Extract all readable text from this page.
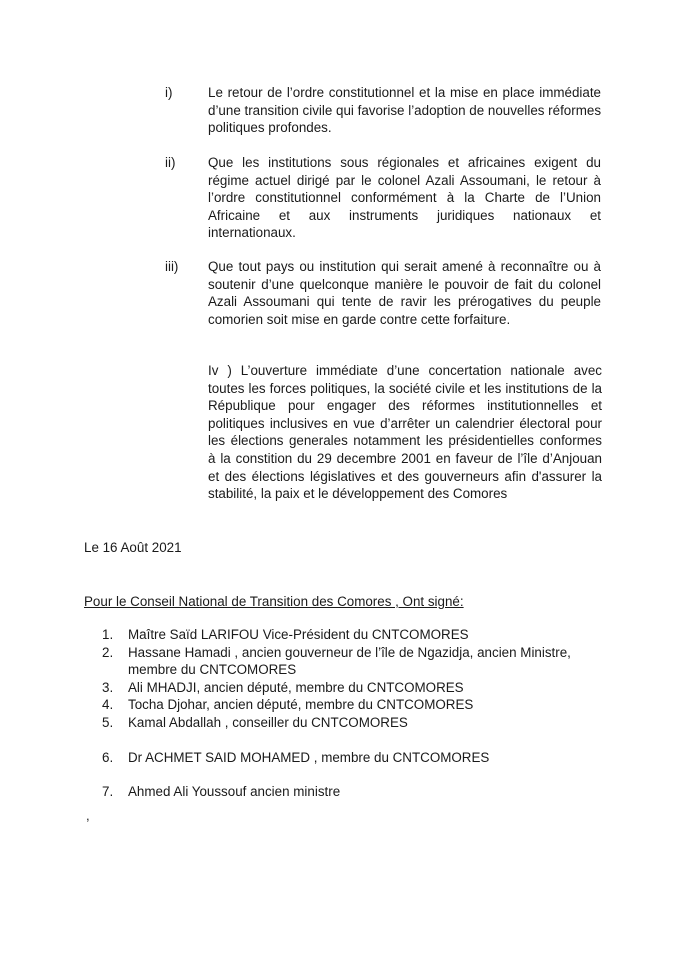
i)	Le retour de l’ordre constitutionnel et la mise en place immédiate d’une transition civile qui favorise l’adoption de nouvelles réformes politiques profondes.
ii) Que les institutions sous régionales et africaines exigent du régime actuel dirigé par le colonel Azali Assoumani, le retour à l’ordre constitutionnel conformément à la Charte de l’Union Africaine et aux instruments juridiques nationaux et internationaux.
iii) Que tout pays ou institution qui serait amené à reconnaître ou à soutenir d’une quelconque manière le pouvoir de fait du colonel Azali Assoumani qui tente de ravir les prérogatives du peuple comorien soit mise en garde contre cette forfaiture.
Iv ) L’ouverture immédiate d’une concertation nationale avec toutes les forces politiques, la société civile et les institutions de la République pour engager des réformes institutionnelles et politiques inclusives en vue d’arrêter un calendrier électoral pour les élections generales notamment les présidentielles conformes à la constition du 29 decembre 2001 en faveur de l’île d’Anjouan et des élections législatives et des gouverneurs afin d'assurer la stabilité, la paix et le développement des Comores
Le 16 Août 2021
Pour le Conseil National de Transition des Comores , Ont signé:
1. Maître Saïd LARIFOU Vice-Président du CNTCOMORES
2. Hassane Hamadi , ancien gouverneur de l’île de Ngazidja, ancien Ministre, membre du CNTCOMORES
3. Ali MHADJI, ancien député, membre du CNTCOMORES
4. Tocha Djohar, ancien député, membre du CNTCOMORES
5. Kamal Abdallah , conseiller du CNTCOMORES
6. Dr ACHMET SAID MOHAMED , membre du CNTCOMORES
7. Ahmed Ali Youssouf ancien ministre
,
